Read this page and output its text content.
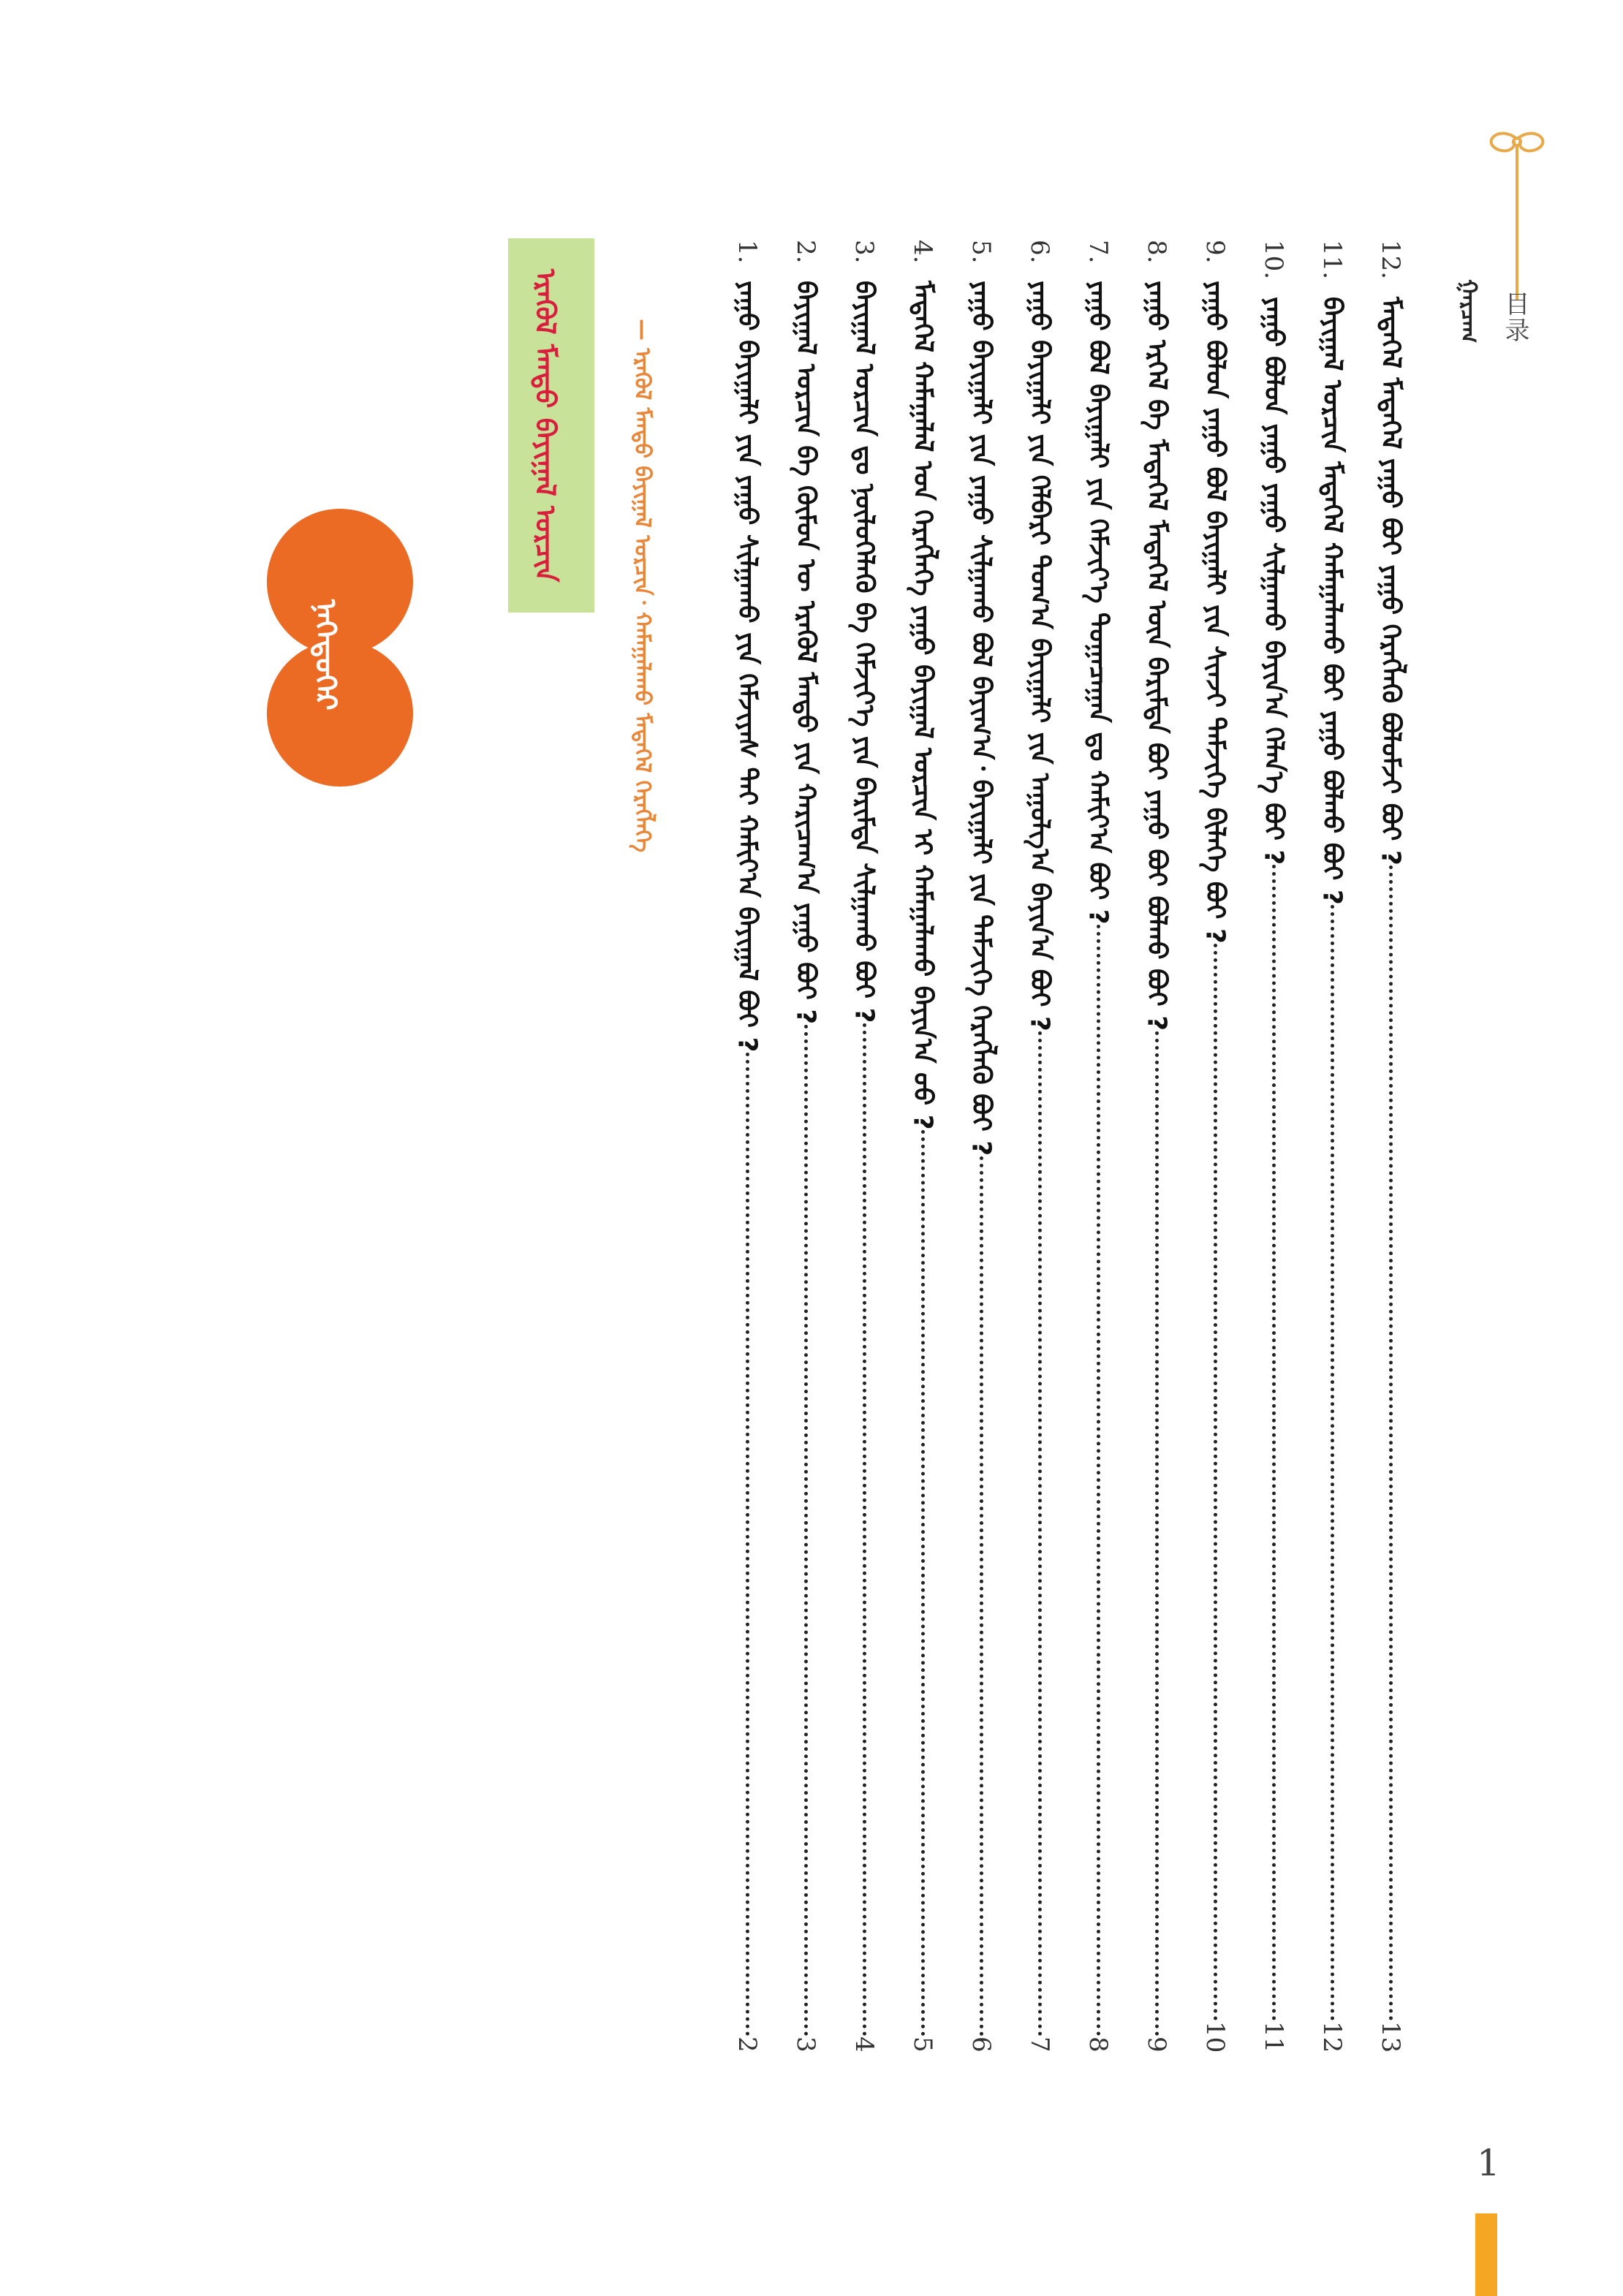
目录
ᠭᠠᠷᠴᠠᠭ
12.
ᠮᠡᠳᠡᠭᠡᠯ ᠮᠡᠳᠡᠭᠡᠯ ᠶᠠᠭᠤ ᠪᠤᠢ ᠶᠠᠭᠤ ᠬᠡᠷᠡᠭᠯᠡᠬᠦ ᠪᠤᠯᠤᠮᠵᠢ ᠪᠤᠢ ?
13
11.
ᠪᠠᠶᠢᠭᠠᠯ ᠣᠷᠴᠢᠨ ᠮᠡᠳᠡᠭᠡᠯ ᠬᠠᠮᠠᠭᠠᠯᠠᠬᠤ ᠪᠤᠢ ᠶᠠᠭᠤ ᠪᠣᠯᠬᠤ ᠪᠤᠢ ?
12
10.
ᠶᠠᠭᠤ ᠪᠣᠯᠤᠨ ᠶᠠᠭᠤ ᠶᠠᠭᠤ ᠰᠢᠯᠭᠠᠬᠤ ᠪᠠᠶᠢᠨ᠎ᠠ ᠬᠡᠯᠡᠨ᠎ᠡ ᠪᠤᠢ ?
11
9.
ᠶᠠᠭᠤ ᠪᠣᠯᠤᠨ ᠶᠠᠭᠤ ᠪᠣᠯ ᠪᠠᠶᠢᠭᠠᠯᠢ ᠶᠢᠨ ᠰᠢᠨᠵᠢ ᠳᠡᠮᠵᠢᠭᠡ ᠪᠢᠯᠡᠭᠡ ᠪᠤᠢ ?
10
8.
ᠶᠠᠭᠤ ᠡᠷᠭᠡᠯ ᠪᠡ ᠮᠡᠳᠡᠭᠡᠯ ᠮᠡᠳᠡᠭᠡᠯ ᠦᠨ ᠪᠠᠷᠢᠮᠲᠠ ᠪᠤᠢ ᠶᠠᠭᠤ ᠪᠤᠢ ᠪᠣᠯᠬᠤ ᠪᠤᠢ ?
9
7.
ᠶᠠᠭᠤ ᠪᠣᠯ ᠪᠠᠶᠢᠭᠠᠯᠢ ᠶᠢᠨ ᠬᠡᠮᠵᠢᠶ᠎ᠡ ᠲᠣᠭᠠᠴᠠᠭᠠᠨ ᠳᠤ ᠬᠠᠮᠢᠶ᠎ᠠ ᠪᠤᠢ ?
8
6.
ᠶᠠᠭᠤ ᠪᠠᠶᠢᠭᠠᠯᠢ ᠶᠢᠨ ᠬᠡᠯᠪᠡᠷᠢ ᠲᠣᠭ᠎ᠠ ᠪᠠᠶᠢᠭᠠᠯᠢ ᠶᠢᠨ ᠠᠭᠤᠯᠭ᠎ᠠ ᠪᠠᠶᠢᠨ᠎ᠠ ᠪᠤᠢ ?
7
5.
ᠶᠠᠭᠤ ᠪᠠᠶᠢᠭᠠᠯᠢ ᠶᠢᠨ ᠶᠠᠭᠤ ᠰᠢᠯᠭᠠᠬᠤ ᠪᠣᠯ ᠪᠠᠶᠢᠭ᠎ᠠ᠂ ᠪᠠᠶᠢᠭᠠᠯᠢ ᠶᠢᠨ ᠳᠡᠮᠵᠢᠭᠡ ᠬᠡᠷᠡᠭᠯᠡᠬᠦ ᠪᠤᠢ ?
6
4.
ᠮᠡᠳᠡᠭᠡᠯ ᠬᠠᠮᠠᠭᠠᠯᠠᠯ ᠤᠨ ᠬᠡᠷᠡᠭᠯᠡᠭᠡ ᠶᠠᠭᠤ ᠪᠠᠶᠢᠭᠠᠯ ᠣᠷᠴᠢᠨ ᠢ ᠬᠠᠮᠠᠭᠠᠯᠠᠬᠤ ᠪᠠᠶᠢᠨ᠎ᠠ ᠤᠤ ?
5
3.
ᠪᠠᠶᠢᠭᠠᠯ ᠣᠷᠴᠢᠨ ᠳᠤ ᠨᠥᠯᠦᠭᠡᠯᠡᠬᠦ ᠪᠠ ᠬᠡᠮᠵᠢᠶ᠎ᠡ ᠶᠢᠨ ᠪᠠᠷᠢᠮᠲᠠ ᠰᠢᠯᠭᠠᠬᠤ ᠪᠤᠢ ?
4
2.
ᠪᠠᠶᠢᠭᠠᠯ ᠣᠷᠴᠢᠨ ᠪᠠ ᠬᠦᠮᠦᠨ ᠦ ᠡᠷᠡᠭᠦᠯ ᠮᠡᠨᠳᠦ ᠶᠢᠨ ᠬᠠᠷᠢᠴᠠᠭ᠎ᠠ ᠶᠠᠭᠤ ᠪᠤᠢ ?
3
1.
ᠶᠠᠭᠤ ᠪᠠᠶᠢᠭᠠᠯᠢ ᠶᠢᠨ ᠶᠠᠭᠤ ᠰᠢᠯᠭᠠᠬᠤ ᠶᠢᠨ ᠬᠡᠮᠵᠢᠶᠡᠰ ᠲᠠᠢ ᠬᠠᠮᠢᠶ᠎ᠠ ᠪᠠᠶᠢᠭᠠᠯ ᠪᠤᠢ ?
2
— ᠡᠷᠡᠭᠦᠯ ᠮᠡᠨᠳᠦ ᠪᠠᠶᠢᠭᠠᠯ ᠣᠷᠴᠢᠨ᠂ ᠬᠠᠮᠠᠭᠠᠯᠠᠬᠤ ᠮᠡᠳᠡᠭᠡᠯ ᠬᠡᠷᠡᠭᠯᠡᠭᠡ
ᠡᠷᠡᠭᠦᠯ ᠮᠡᠨᠳᠦ ᠪᠠᠶᠢᠭᠠᠯ ᠣᠷᠴᠢᠨ
ᠨᠡᠭᠡᠳᠦᠭᠡᠷ
1
